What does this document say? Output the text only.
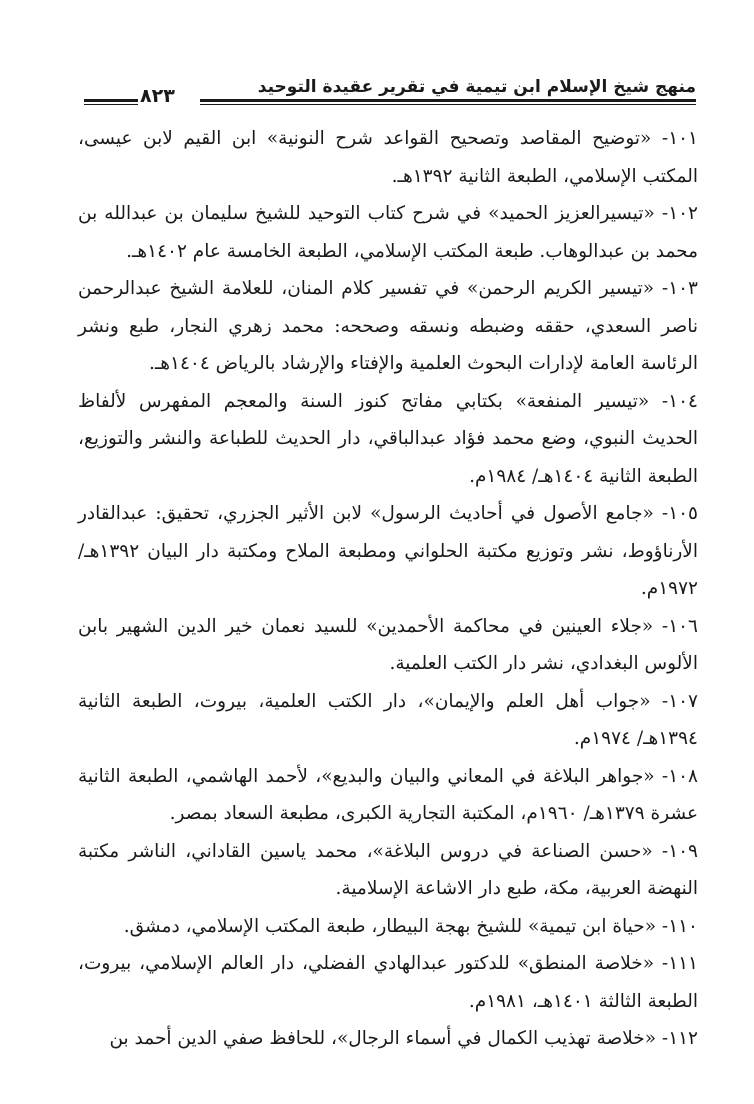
منهج شيخ الإسلام ابن تيمية في تقرير عقيدة التوحيد
٨٢٣

١٠١- «توضيح المقاصد وتصحيح القواعد شرح النونية» ابن القيم لابن عيسى، المكتب الإسلامي، الطبعة الثانية ١٣٩٢هـ.

١٠٢- «تيسيرالعزيز الحميد» في شرح كتاب التوحيد للشيخ سليمان بن عبدالله بن محمد بن عبدالوهاب. طبعة المكتب الإسلامي، الطبعة الخامسة عام ١٤٠٢هـ.

١٠٣- «تيسير الكريم الرحمن» في تفسير كلام المنان، للعلامة الشيخ عبدالرحمن ناصر السعدي، حققه وضبطه ونسقه وصححه: محمد زهري النجار، طبع ونشر الرئاسة العامة لإدارات البحوث العلمية والإفتاء والإرشاد بالرياض ١٤٠٤هـ.

١٠٤- «تيسير المنفعة» بكتابي مفاتح كنوز السنة والمعجم المفهرس لألفاظ الحديث النبوي، وضع محمد فؤاد عبدالباقي، دار الحديث للطباعة والنشر والتوزيع، الطبعة الثانية ١٤٠٤هـ/ ١٩٨٤م.

١٠٥- «جامع الأصول في أحاديث الرسول» لابن الأثير الجزري، تحقيق: عبدالقادر الأرناؤوط، نشر وتوزيع مكتبة الحلواني ومطبعة الملاح ومكتبة دار البيان ١٣٩٢هـ/ ١٩٧٢م.

١٠٦- «جلاء العينين في محاكمة الأحمدين» للسيد نعمان خير الدين الشهير بابن الألوس البغدادي، نشر دار الكتب العلمية.

١٠٧- «جواب أهل العلم والإيمان»، دار الكتب العلمية، بيروت، الطبعة الثانية ١٣٩٤هـ/ ١٩٧٤م.

١٠٨- «جواهر البلاغة في المعاني والبيان والبديع»، لأحمد الهاشمي، الطبعة الثانية عشرة ١٣٧٩هـ/ ١٩٦٠م، المكتبة التجارية الكبرى، مطبعة السعاد بمصر.

١٠٩- «حسن الصناعة في دروس البلاغة»، محمد ياسين القاداني، الناشر مكتبة النهضة العربية، مكة، طبع دار الاشاعة الإسلامية.

١١٠- «حياة ابن تيمية» للشيخ بهجة البيطار، طبعة المكتب الإسلامي، دمشق.

١١١- «خلاصة المنطق» للدكتور عبدالهادي الفضلي، دار العالم الإسلامي، بيروت، الطبعة الثالثة ١٤٠١هـ، ١٩٨١م.

١١٢- «خلاصة تهذيب الكمال في أسماء الرجال»، للحافظ صفي الدين أحمد بن
